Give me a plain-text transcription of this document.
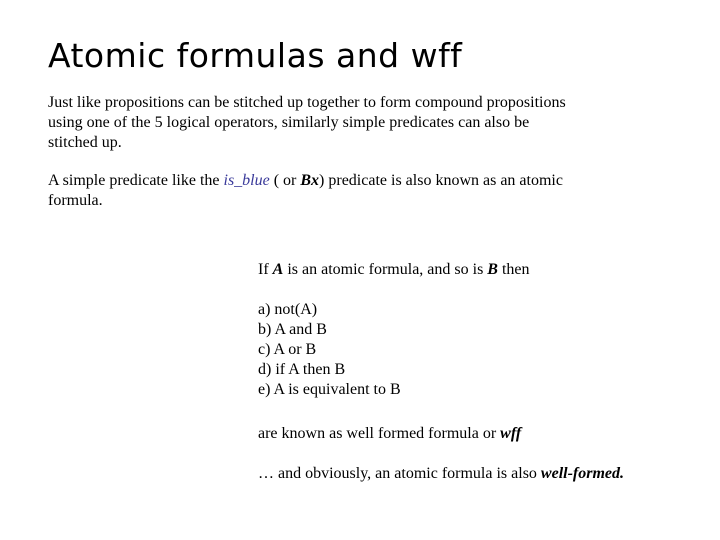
Atomic formulas and wff

Just like propositions can be stitched up together to form compound propositions using one of the 5 logical operators, similarly simple predicates can also be stitched up.

A simple predicate like the is_blue ( or Bx) predicate is also known as an atomic formula.

If A is an atomic formula, and so is B then

a) not(A)
b) A and B
c) A or B
d) if A then B
e) A is equivalent to B

are known as well formed formula or wff

… and obviously, an atomic formula is also well-formed.
